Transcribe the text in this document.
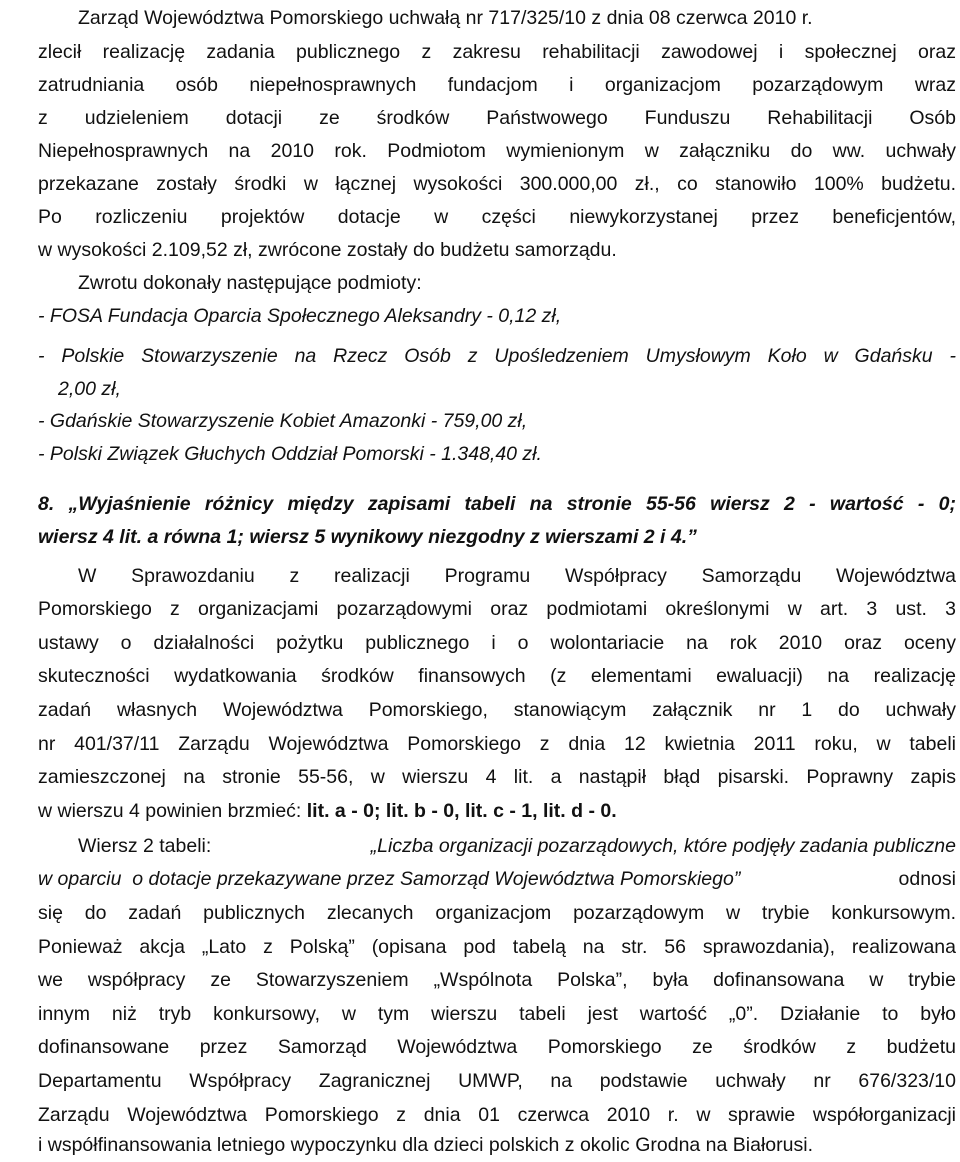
Zarząd Województwa Pomorskiego uchwałą nr 717/325/10 z dnia 08 czerwca 2010 r.
zlecił realizację zadania publicznego z zakresu rehabilitacji zawodowej i społecznej oraz
zatrudniania osób niepełnosprawnych fundacjom i organizacjom pozarządowym wraz
z udzieleniem dotacji ze środków Państwowego Funduszu Rehabilitacji Osób
Niepełnosprawnych na 2010 rok. Podmiotom wymienionym w załączniku do ww. uchwały
przekazane zostały środki w łącznej wysokości 300.000,00 zł., co stanowiło 100% budżetu.
Po rozliczeniu projektów dotacje w części niewykorzystanej przez beneficjentów,
w wysokości 2.109,52 zł, zwrócone zostały do budżetu samorządu.
Zwrotu dokonały następujące podmioty:
- FOSA Fundacja Oparcia Społecznego Aleksandry - 0,12 zł,
- Polskie Stowarzyszenie na Rzecz Osób z Upośledzeniem Umysłowym Koło w Gdańsku -
2,00 zł,
- Gdańskie Stowarzyszenie Kobiet Amazonki - 759,00 zł,
- Polski Związek Głuchych Oddział Pomorski - 1.348,40 zł.
8. „Wyjaśnienie różnicy między zapisami tabeli na stronie 55-56 wiersz 2 - wartość - 0;
wiersz 4 lit. a równa 1; wiersz 5 wynikowy niezgodny z wierszami 2 i 4.”
W Sprawozdaniu z realizacji Programu Współpracy Samorządu Województwa
Pomorskiego z organizacjami pozarządowymi oraz podmiotami określonymi w art. 3 ust. 3
ustawy o działalności pożytku publicznego i o wolontariacie na rok 2010 oraz oceny
skuteczności wydatkowania środków finansowych (z elementami ewaluacji) na realizację
zadań własnych Województwa Pomorskiego, stanowiącym załącznik nr 1 do uchwały
nr 401/37/11 Zarządu Województwa Pomorskiego z dnia 12 kwietnia 2011 roku, w tabeli
zamieszczonej na stronie 55-56, w wierszu 4 lit. a nastąpił błąd pisarski. Poprawny zapis
w wierszu 4 powinien brzmieć: lit. a - 0; lit. b - 0, lit. c - 1, lit. d - 0.
Wiersz 2 tabeli:	„Liczba organizacji pozarządowych, które podjęły zadania publiczne
w oparciu  o dotacje przekazywane przez Samorząd Województwa Pomorskiego”	odnosi
się do zadań publicznych zlecanych organizacjom pozarządowym w trybie konkursowym.
Ponieważ akcja „Lato z Polską” (opisana pod tabelą na str. 56 sprawozdania), realizowana
we współpracy ze Stowarzyszeniem „Wspólnota Polska”, była dofinansowana w trybie
innym niż tryb konkursowy, w tym wierszu tabeli jest wartość „0”. Działanie to było
dofinansowane przez Samorząd Województwa Pomorskiego ze środków z budżetu
Departamentu Współpracy Zagranicznej UMWP, na podstawie uchwały nr 676/323/10
Zarządu Województwa Pomorskiego z dnia 01 czerwca 2010 r. w sprawie współorganizacji
i współfinansowania letniego wypoczynku dla dzieci polskich z okolic Grodna na Białorusi.
